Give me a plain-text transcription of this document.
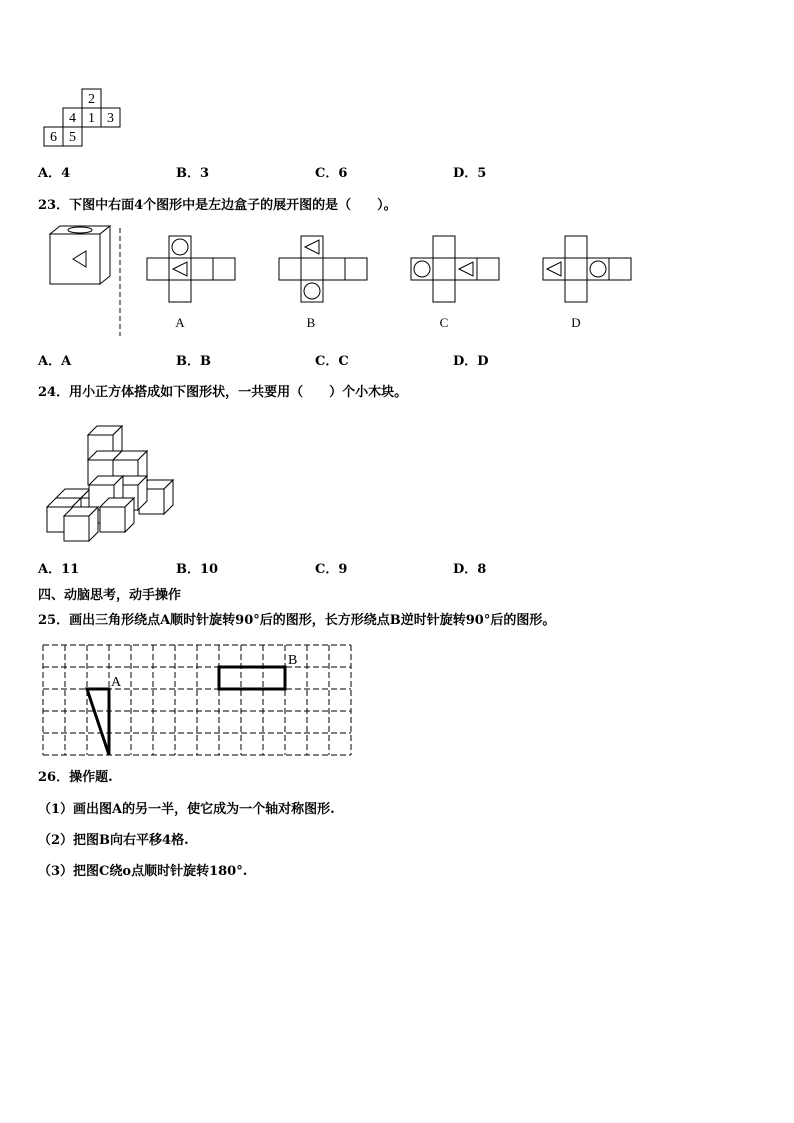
2
4 1 3
6 5
A．4	B．3	C．6	D．5
23．下图中右面4个图形中是左边盒子的展开图的是（　　）。
A	B	C	D
A．A	B．B	C．C	D．D
24．用小正方体搭成如下图形状，一共要用（　　）个小木块。
A．11	B．10	C．9	D．8
四、动脑思考，动手操作
25．画出三角形绕点A顺时针旋转90°后的图形，长方形绕点B逆时针旋转90°后的图形。
A
B
26．操作题.
（1）画出图A的另一半，使它成为一个轴对称图形.
（2）把图B向右平移4格.
（3）把图C绕o点顺时针旋转180°.
